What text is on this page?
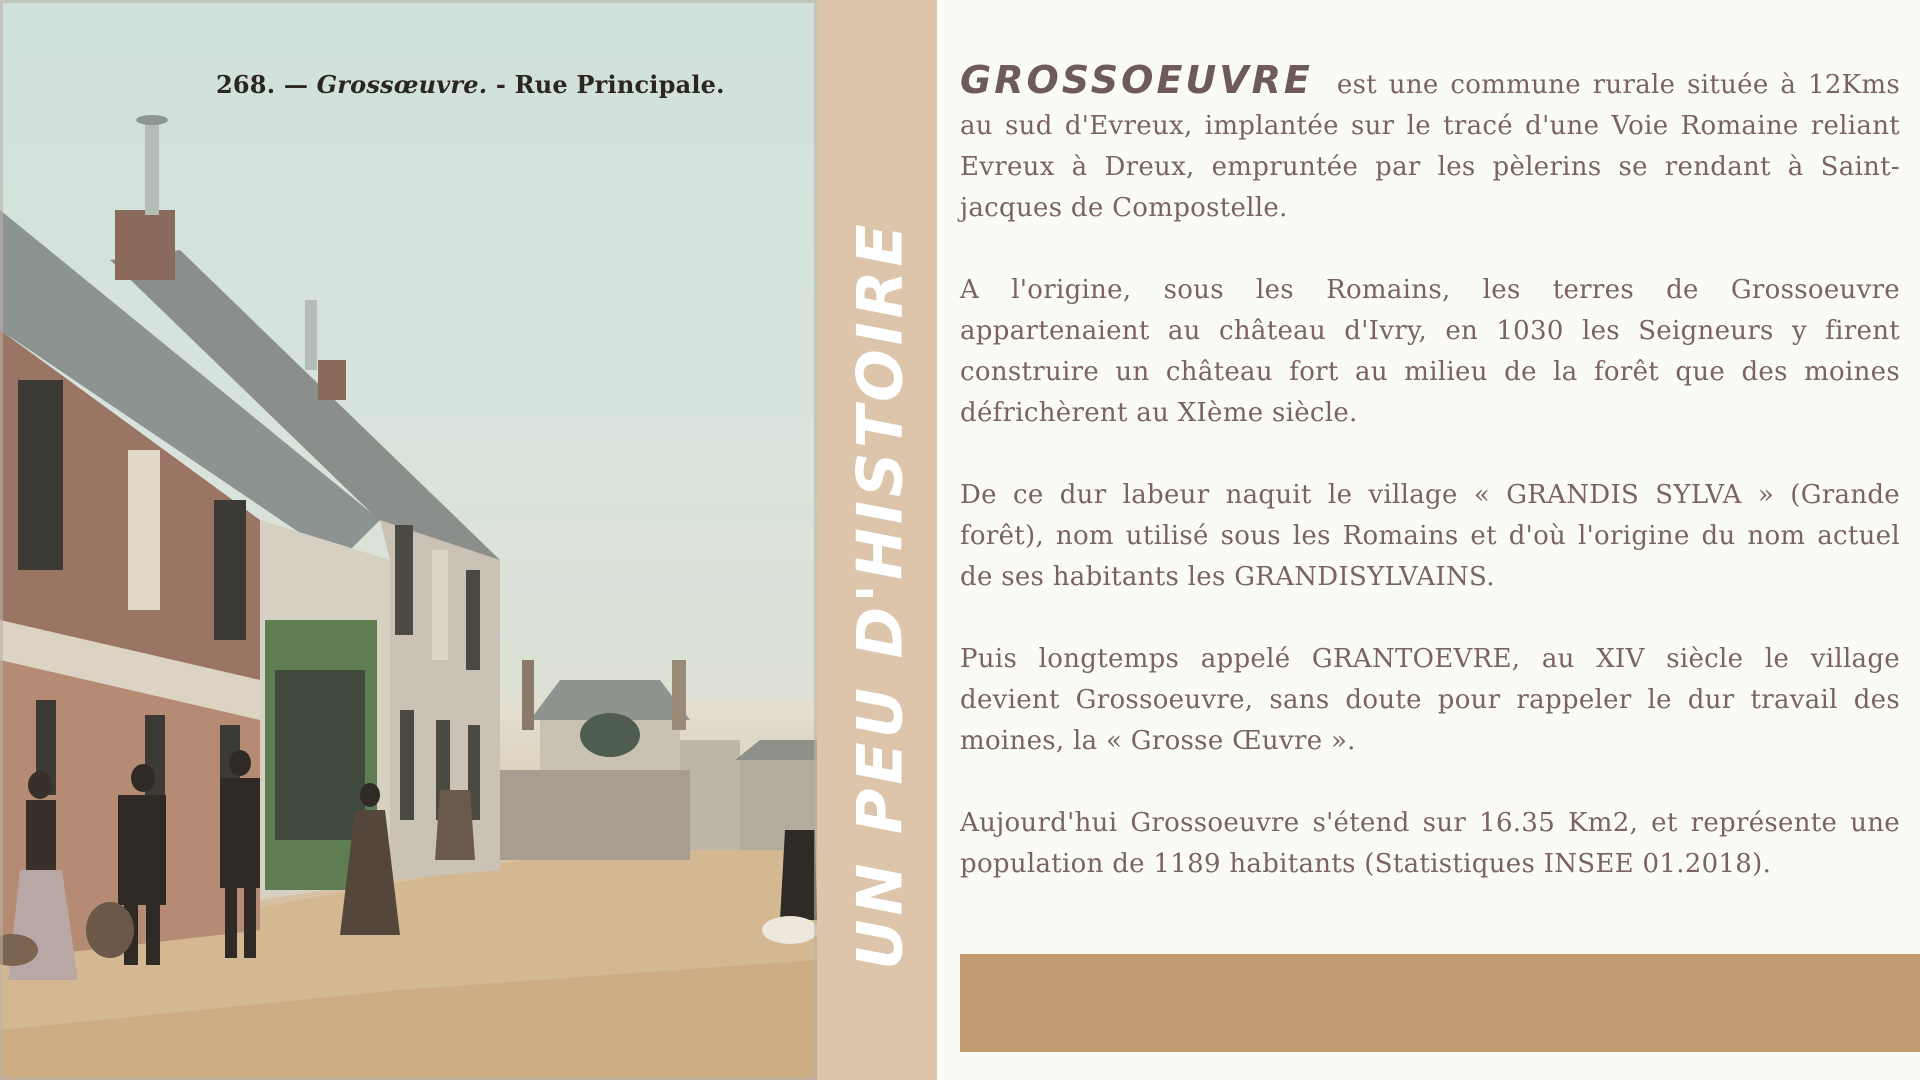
268. — Grossœuvre. - Rue Principale.
UN PEU D'HISTOIRE

GROSSOEUVRE est une commune rurale située à 12Kms au sud d'Evreux, implantée sur le tracé d'une Voie Romaine reliant Evreux à Dreux, empruntée par les pèlerins se rendant à Saint-jacques de Compostelle.

A l'origine, sous les Romains, les terres de Grossoeuvre appartenaient au château d'Ivry, en 1030 les Seigneurs y firent construire un château fort au milieu de la forêt que des moines défrichèrent au XIème siècle.

De ce dur labeur naquit le village « GRANDIS SYLVA » (Grande forêt), nom utilisé sous les Romains et d'où l'origine du nom actuel de ses habitants les GRANDISYLVAINS.

Puis longtemps appelé GRANTOEVRE, au XIV siècle le village devient Grossoeuvre, sans doute pour rappeler le dur travail des moines, la « Grosse Œuvre ».

Aujourd'hui Grossoeuvre s'étend sur 16.35 Km2, et représente une population de 1189 habitants (Statistiques INSEE 01.2018).
